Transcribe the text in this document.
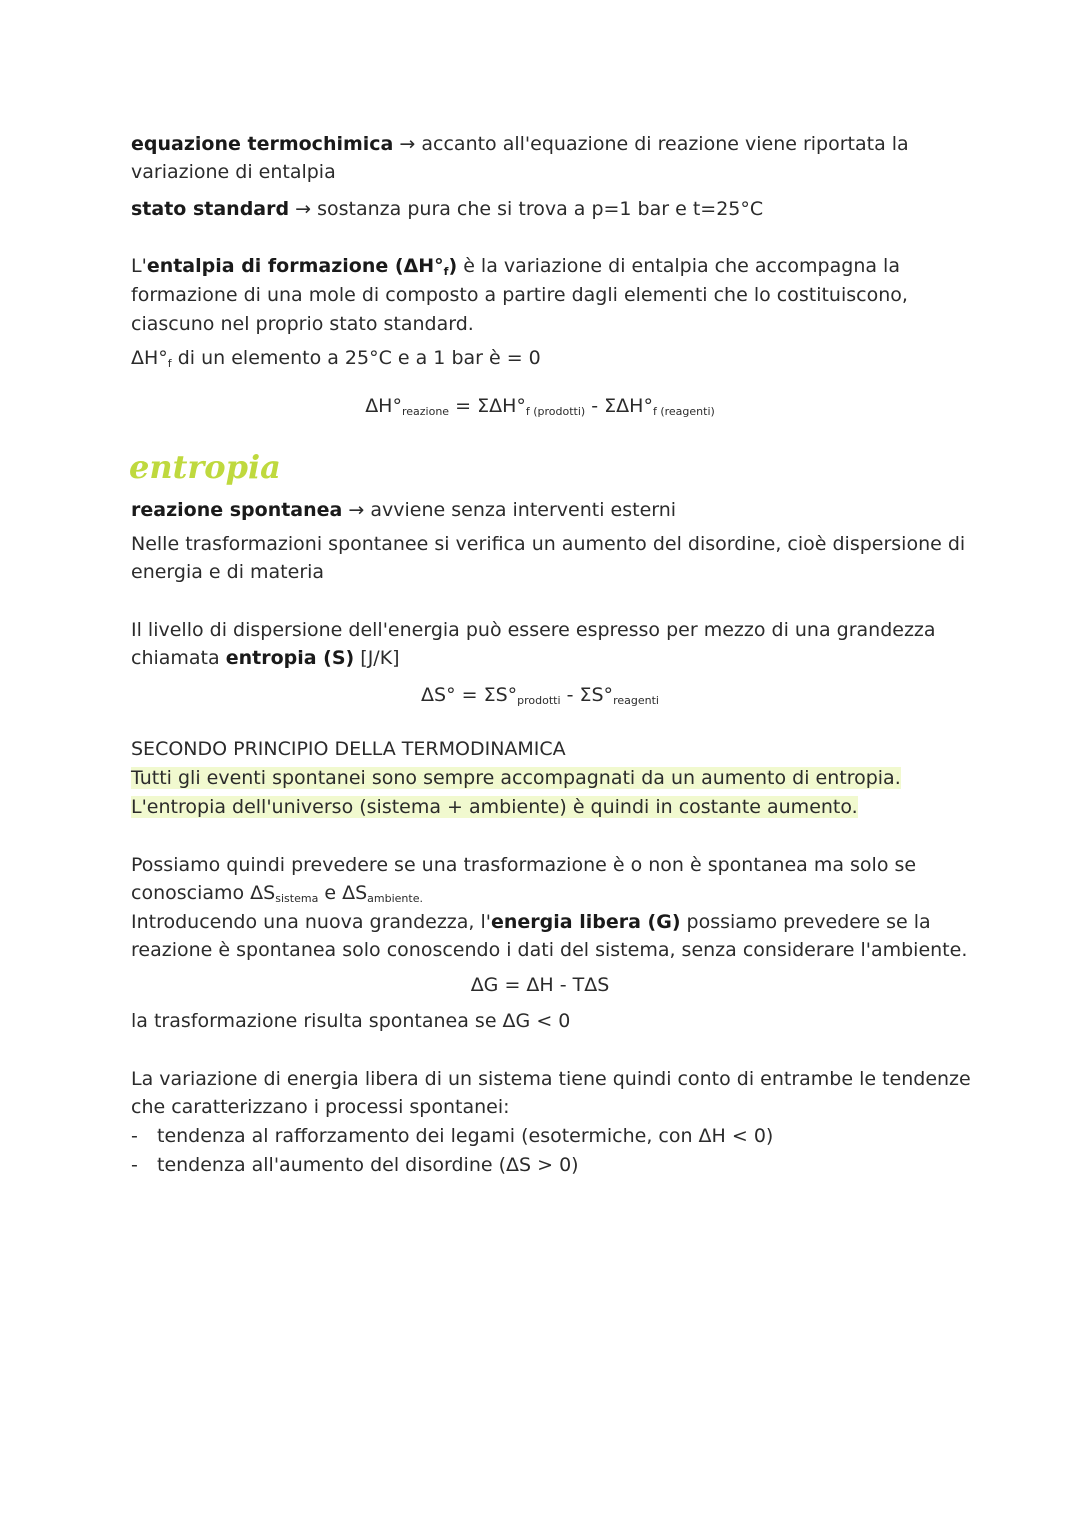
equazione termochimica → accanto all'equazione di reazione viene riportata la

variazione di entalpia

stato standard → sostanza pura che si trova a p=1 bar e t=25°C

L'entalpia di formazione $(\Delta H^\circ_f)$ è la variazione di entalpia che accompagna la

formazione di una mole di composto a partire dagli elementi che lo costituiscono,

ciascuno nel proprio stato standard.

$\Delta H^\circ_f$ di un elemento a 25°C e a 1 bar è = 0

$\Delta H^\circ_{reazione} = \Sigma\Delta H^\circ_{f (prodotti)} - \Sigma\Delta H^\circ_{f (reagenti)}$

entropia

reazione spontanea → avviene senza interventi esterni

Nelle trasformazioni spontanee si verifica un aumento del disordine, cioè dispersione di

energia e di materia

Il livello di dispersione dell'energia può essere espresso per mezzo di una grandezza

chiamata entropia (S) [J/K]

$\Delta S^\circ = \Sigma S^\circ_{prodotti} - \Sigma S^\circ_{reagenti}$

SECONDO PRINCIPIO DELLA TERMODINAMICA

Tutti gli eventi spontanei sono sempre accompagnati da un aumento di entropia.

L'entropia dell'universo (sistema + ambiente) è quindi in costante aumento.

Possiamo quindi prevedere se una trasformazione è o non è spontanea ma solo se

conosciamo $\Delta S_{sistema}$ e $\Delta S_{ambiente.}$

Introducendo una nuova grandezza, l'energia libera (G) possiamo prevedere se la

reazione è spontanea solo conoscendo i dati del sistema, senza considerare l'ambiente.

ΔG = ΔH - TΔS

la trasformazione risulta spontanea se ΔG < 0

La variazione di energia libera di un sistema tiene quindi conto di entrambe le tendenze

che caratterizzano i processi spontanei:

- tendenza al rafforzamento dei legami (esotermiche, con ΔH < 0)

- tendenza all'aumento del disordine (ΔS > 0)
